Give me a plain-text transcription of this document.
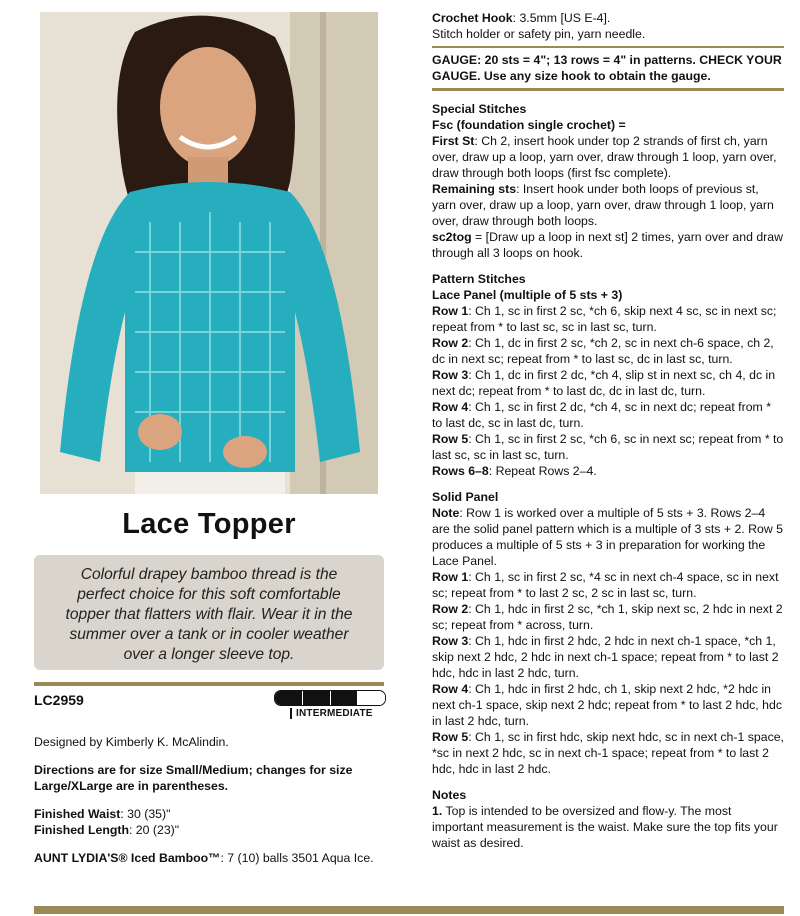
Lace Topper
Colorful drapey bamboo thread is the perfect choice for this soft comfortable topper that flatters with flair. Wear it in the summer over a tank or in cooler weather over a longer sleeve top.
LC2959
INTERMEDIATE

Designed by Kimberly K. McAlindin.

Directions are for size Small/Medium; changes for size Large/XLarge are in parentheses.

Finished Waist: 30 (35)"

Finished Length: 20 (23)"

AUNT LYDIA'S® Iced Bamboo™: 7 (10) balls 3501 Aqua Ice.

Crochet Hook: 3.5mm [US E-4].

Stitch holder or safety pin, yarn needle.

GAUGE: 20 sts = 4"; 13 rows = 4" in patterns. CHECK YOUR GAUGE. Use any size hook to obtain the gauge.

Special Stitches

Fsc (foundation single crochet) =

First St: Ch 2, insert hook under top 2 strands of first ch, yarn over, draw up a loop, yarn over, draw through 1 loop, yarn over, draw through both loops (first fsc complete).

Remaining sts: Insert hook under both loops of previous st, yarn over, draw up a loop, yarn over, draw through 1 loop, yarn over, draw through both loops.

sc2tog = [Draw up a loop in next st] 2 times, yarn over and draw through all 3 loops on hook.

Pattern Stitches

Lace Panel (multiple of 5 sts + 3)

Row 1: Ch 1, sc in first 2 sc, *ch 6, skip next 4 sc, sc in next sc; repeat from * to last sc, sc in last sc, turn.

Row 2: Ch 1, dc in first 2 sc, *ch 2, sc in next ch-6 space, ch 2, dc in next sc; repeat from * to last sc, dc in last sc, turn.

Row 3: Ch 1, dc in first 2 dc, *ch 4, slip st in next sc, ch 4, dc in next dc; repeat from * to last dc, dc in last dc, turn.

Row 4: Ch 1, sc in first 2 dc, *ch 4, sc in next dc; repeat from * to last dc, sc in last dc, turn.

Row 5: Ch 1, sc in first 2 sc, *ch 6, sc in next sc; repeat from * to last sc, sc in last sc, turn.

Rows 6–8: Repeat Rows 2–4.

Solid Panel

Note: Row 1 is worked over a multiple of 5 sts + 3. Rows 2–4 are the solid panel pattern which is a multiple of 3 sts + 2. Row 5 produces a multiple of 5 sts + 3 in preparation for working the Lace Panel.

Row 1: Ch 1, sc in first 2 sc, *4 sc in next ch-4 space, sc in next sc; repeat from * to last 2 sc, 2 sc in last sc, turn.

Row 2: Ch 1, hdc in first 2 sc, *ch 1, skip next sc, 2 hdc in next 2 sc; repeat from * across, turn.

Row 3: Ch 1, hdc in first 2 hdc, 2 hdc in next ch-1 space, *ch 1, skip next 2 hdc, 2 hdc in next ch-1 space; repeat from * to last 2 hdc, hdc in last 2 hdc, turn.

Row 4: Ch 1, hdc in first 2 hdc, ch 1, skip next 2 hdc, *2 hdc in next ch-1 space, skip next 2 hdc; repeat from * to last 2 hdc, hdc in last 2 hdc, turn.

Row 5: Ch 1, sc in first hdc, skip next hdc, sc in next ch-1 space, *sc in next 2 hdc, sc in next ch-1 space; repeat from * to last 2 hdc, hdc in last 2 hdc.

Notes

1. Top is intended to be oversized and flow-y. The most important measurement is the waist. Make sure the top fits your waist as desired.
